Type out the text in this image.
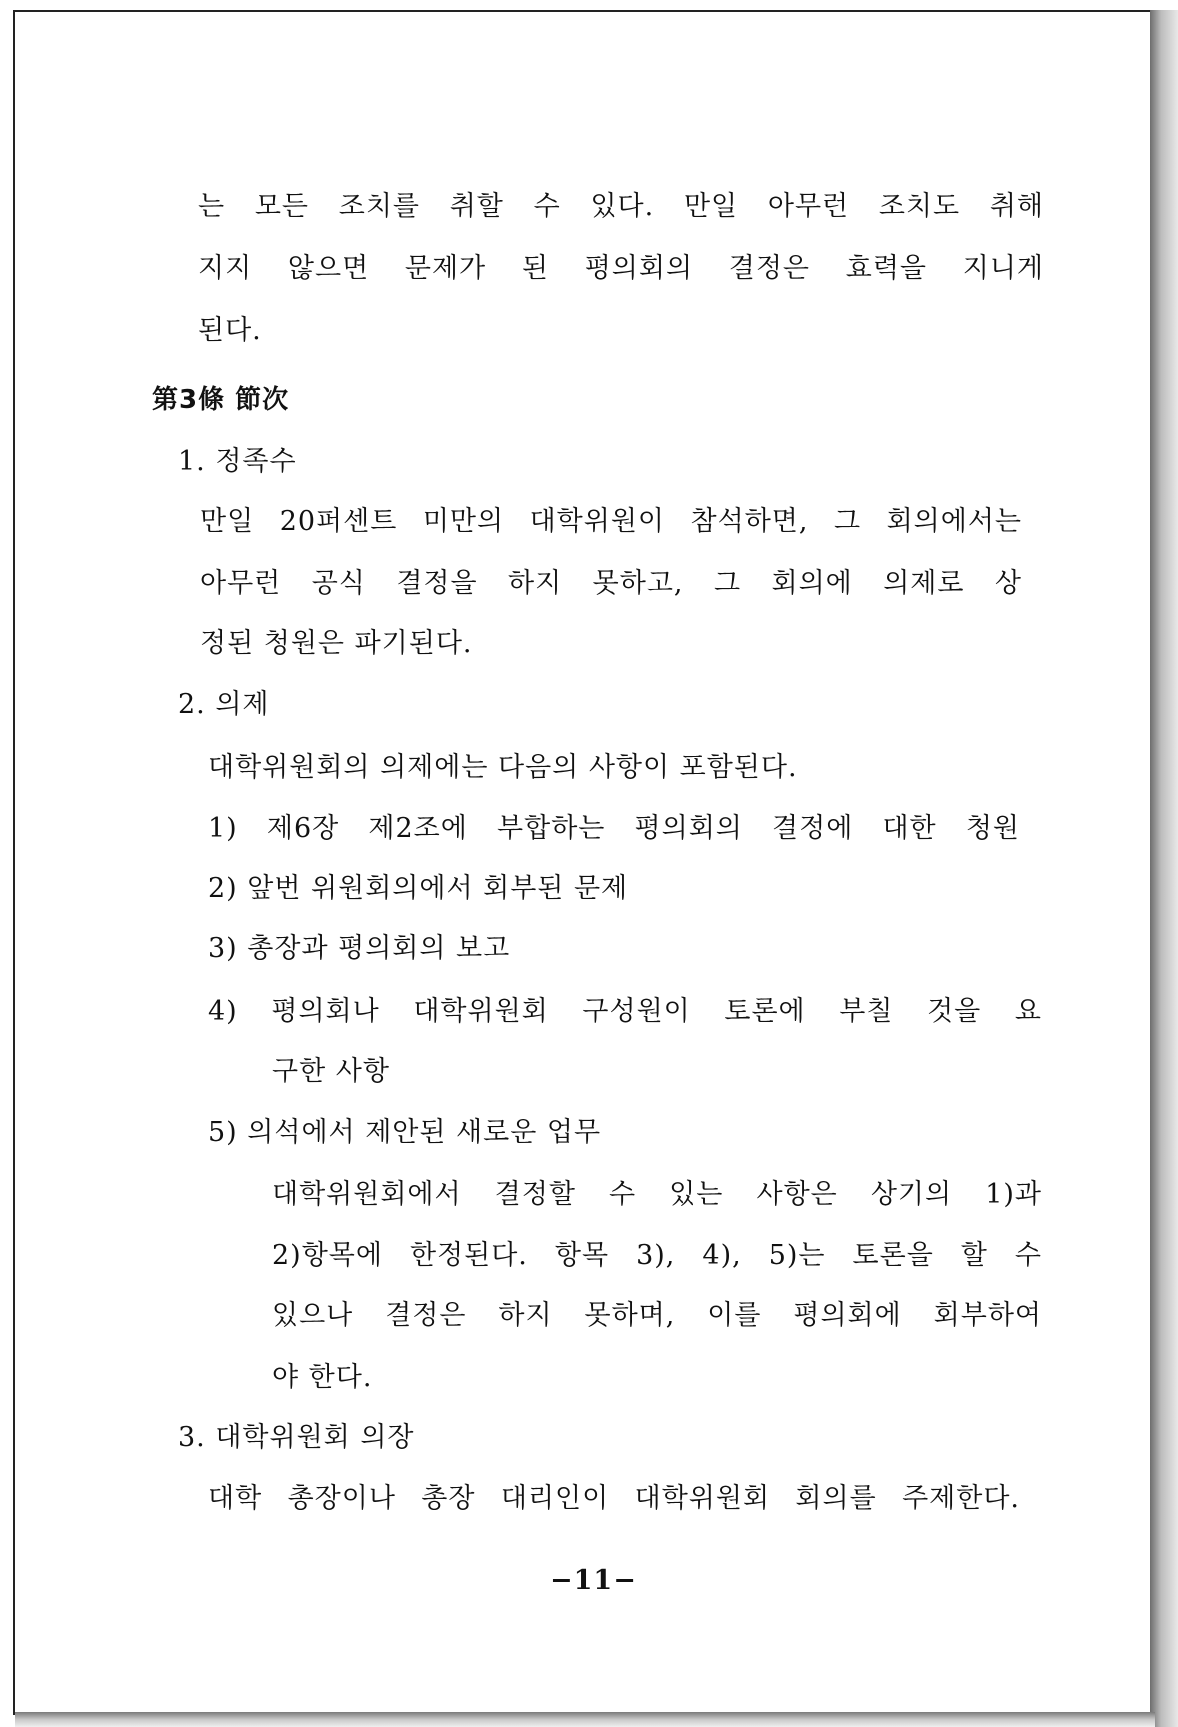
는 모든 조치를 취할 수 있다. 만일 아무런 조치도 취해
지지 않으면 문제가 된 평의회의 결정은 효력을 지니게
된다.
第3條 節次
1. 정족수
만일 20퍼센트 미만의 대학위원이 참석하면, 그 회의에서는
아무런 공식 결정을 하지 못하고, 그 회의에 의제로 상
정된 청원은 파기된다.
2. 의제
대학위원회의 의제에는 다음의 사항이 포함된다.
1) 제6장 제2조에 부합하는 평의회의 결정에 대한 청원
2) 앞번 위원회의에서 회부된 문제
3) 총장과 평의회의 보고
4) 평의회나 대학위원회 구성원이 토론에 부칠 것을 요
구한 사항
5) 의석에서 제안된 새로운 업무
대학위원회에서 결정할 수 있는 사항은 상기의 1)과
2)항목에 한정된다. 항목 3), 4), 5)는 토론을 할 수
있으나 결정은 하지 못하며, 이를 평의회에 회부하여
야 한다.
3. 대학위원회 의장
대학 총장이나 총장 대리인이 대학위원회 회의를 주제한다.
−11−
